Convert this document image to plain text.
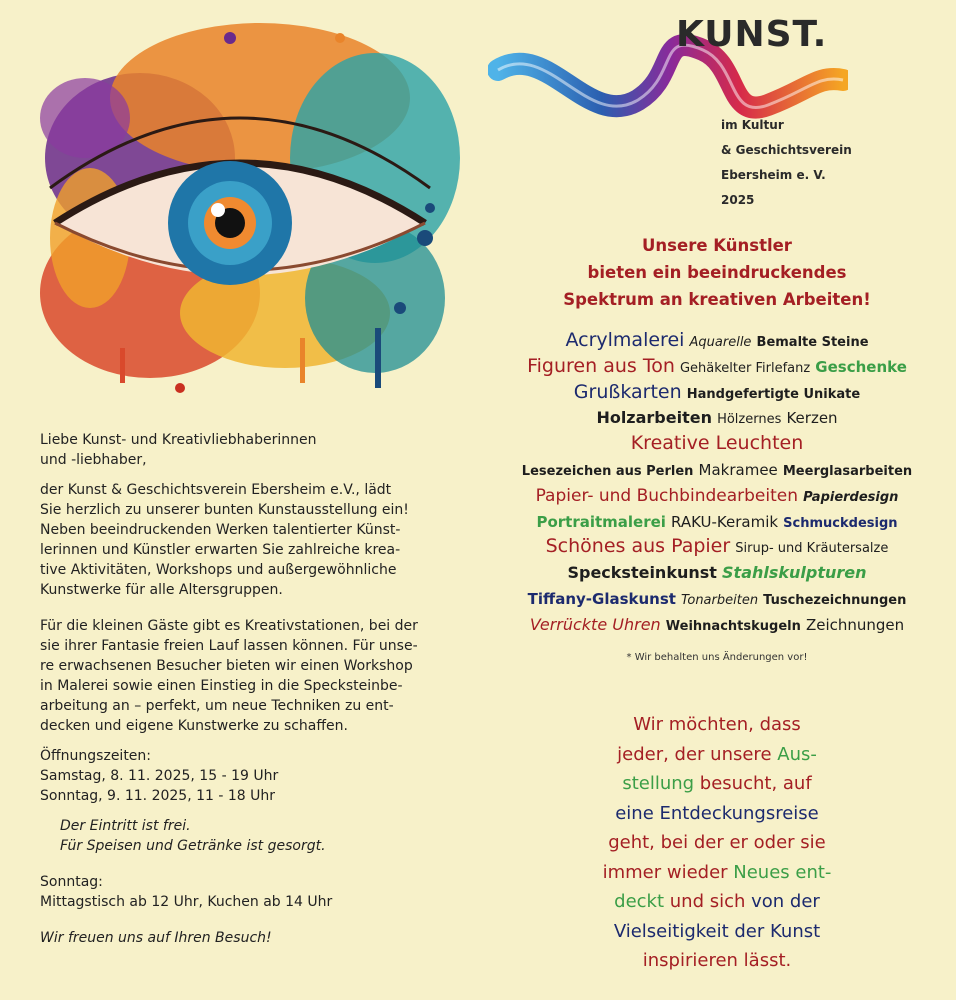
Liebe Kunst- und Kreativliebhaberinnen
und -liebhaber,

der Kunst & Geschichtsverein Ebersheim e.V., lädt
Sie herzlich zu unserer bunten Kunstausstellung ein!
Neben beeindruckenden Werken talentierter Künst-
lerinnen und Künstler erwarten Sie zahlreiche krea-
tive Aktivitäten, Workshops und außergewöhnliche
Kunstwerke für alle Altersgruppen.

Für die kleinen Gäste gibt es Kreativstationen, bei der
sie ihrer Fantasie freien Lauf lassen können. Für unse-
re erwachsenen Besucher bieten wir einen Workshop
in Malerei sowie einen Einstieg in die Specksteinbe-
arbeitung an – perfekt, um neue Techniken zu ent-
decken und eigene Kunstwerke zu schaffen.

Öffnungszeiten:
Samstag, 8. 11. 2025, 15 - 19 Uhr
Sonntag, 9. 11. 2025, 11 - 18 Uhr

Der Eintritt ist frei.
Für Speisen und Getränke ist gesorgt.

Sonntag:
Mittagstisch ab 12 Uhr, Kuchen ab 14 Uhr

Wir freuen uns auf Ihren Besuch!

KUNST.
im Kultur
& Geschichtsverein
Ebersheim e. V.
2025
Unsere Künstler
bieten ein beeindruckendes
Spektrum an kreativen Arbeiten!
Acrylmalerei Aquarelle Bemalte Steine
Figuren aus Ton Gehäkelter Firlefanz Geschenke
Grußkarten Handgefertigte Unikate
Holzarbeiten Hölzernes Kerzen
Kreative Leuchten
Lesezeichen aus Perlen Makramee Meerglasarbeiten
Papier- und Buchbindearbeiten Papierdesign
Portraitmalerei RAKU-Keramik Schmuckdesign
Schönes aus Papier Sirup- und Kräutersalze
Specksteinkunst Stahlskulpturen
Tiffany-Glaskunst Tonarbeiten Tuschezeichnungen
Verrückte Uhren Weihnachtskugeln Zeichnungen
* Wir behalten uns Änderungen vor!
Wir möchten, dass
jeder, der unsere Aus-
stellung besucht, auf
eine Entdeckungsreise
geht, bei der er oder sie
immer wieder Neues ent-
deckt und sich von der
Vielseitigkeit der Kunst
inspirieren lässt.
